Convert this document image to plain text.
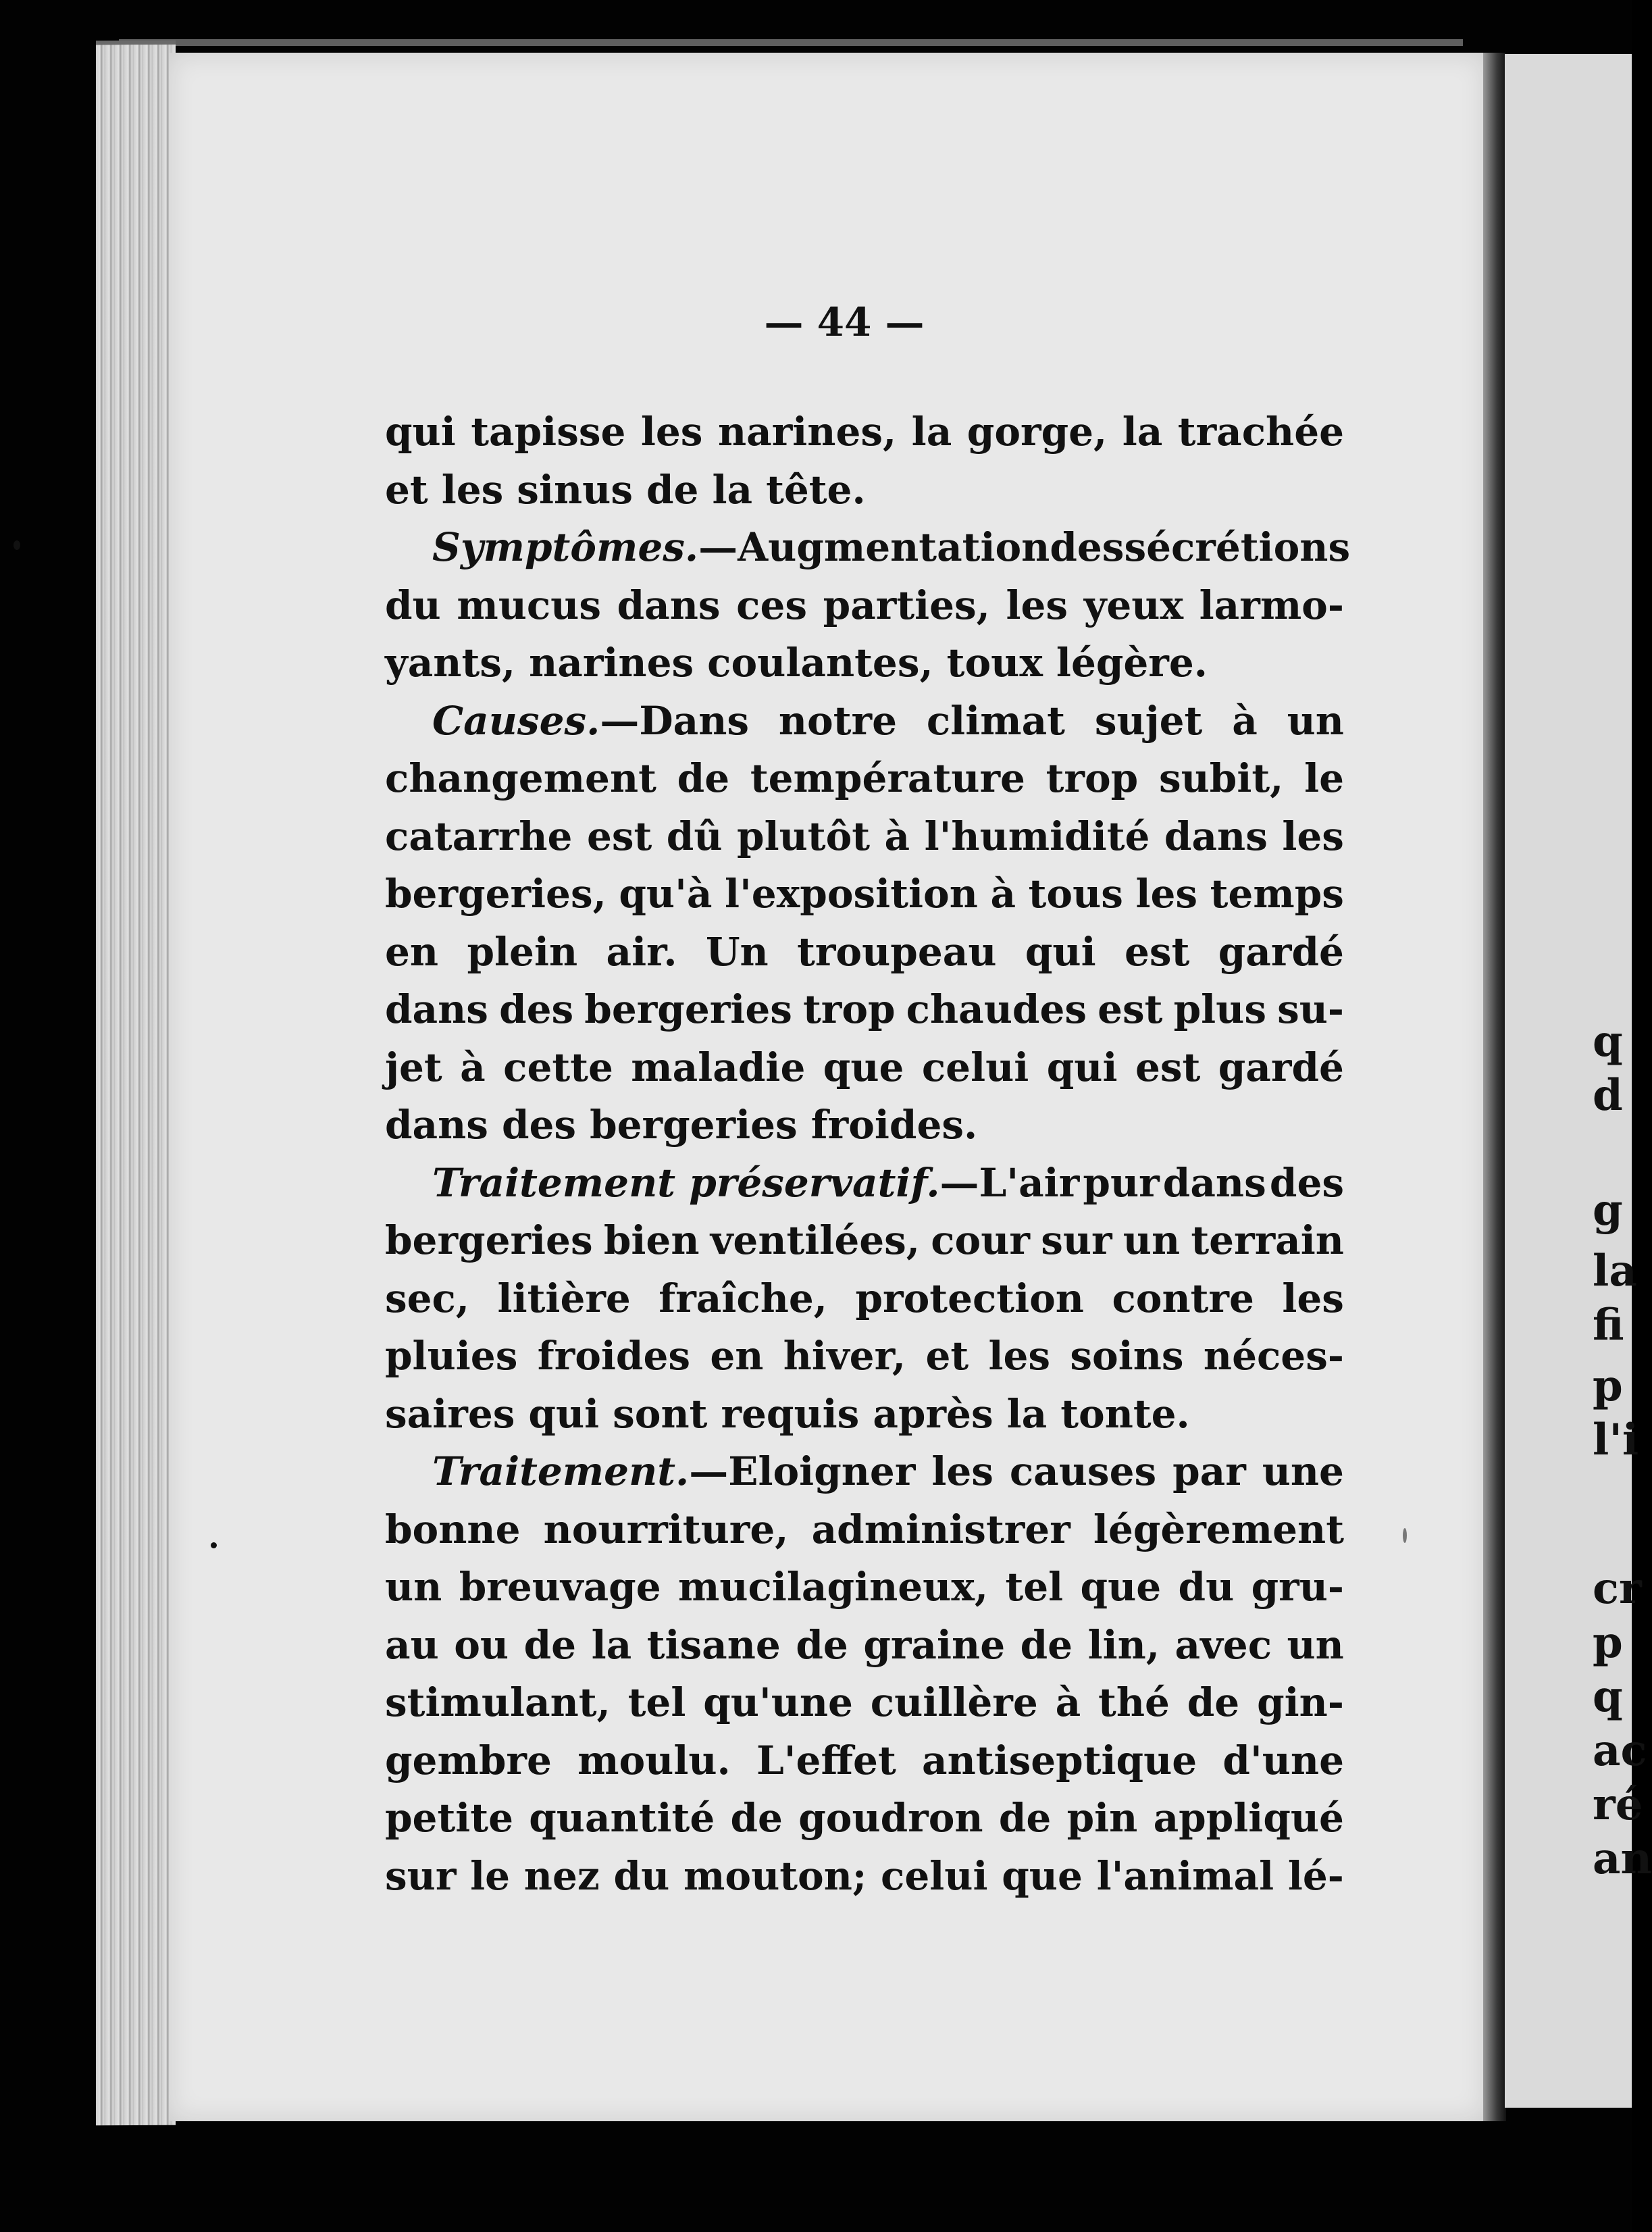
q
d
g
la
fi
p
l'i
cr
p
q
ac
ré
an
— 44 —
qui tapisse les narines, la gorge, la trachée
et les sinus de la tête.
Symptômes.—Augmentation des sécrétions
du mucus dans ces parties, les yeux larmo-
yants, narines coulantes, toux légère.
Causes.—Dans notre climat sujet à un
changement de température trop subit, le
catarrhe est dû plutôt à l'humidité dans les
bergeries, qu'à l'exposition à tous les temps
en plein air. Un troupeau qui est gardé
dans des bergeries trop chaudes est plus su-
jet à cette maladie que celui qui est gardé
dans des bergeries froides.
Traitement préservatif.—L'air pur dans des
bergeries bien ventilées, cour sur un terrain
sec, litière fraîche, protection contre les
pluies froides en hiver, et les soins néces-
saires qui sont requis après la tonte.
Traitement.—Eloigner les causes par une
bonne nourriture, administrer légèrement
un breuvage mucilagineux, tel que du gru-
au ou de la tisane de graine de lin, avec un
stimulant, tel qu'une cuillère à thé de gin-
gembre moulu. L'effet antiseptique d'une
petite quantité de goudron de pin appliqué
sur le nez du mouton; celui que l'animal lé-
